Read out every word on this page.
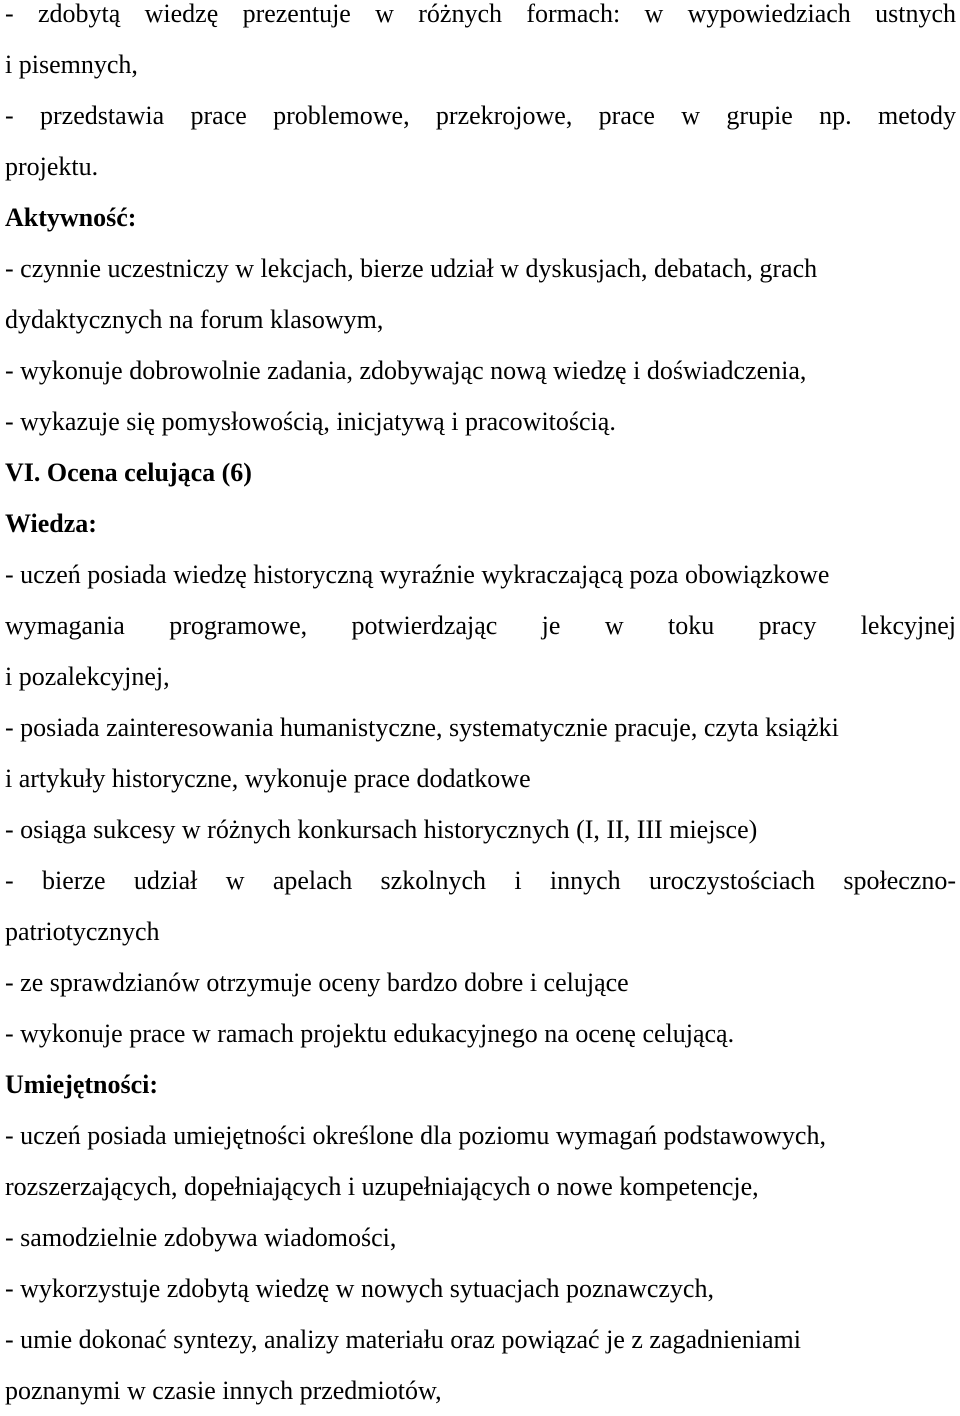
- zdobytą wiedzę prezentuje w różnych formach: w wypowiedziach ustnych
i pisemnych,
- przedstawia prace problemowe, przekrojowe, prace w grupie np. metody
projektu.
Aktywność:
- czynnie uczestniczy w lekcjach, bierze udział w dyskusjach, debatach, grach
dydaktycznych na forum klasowym,
- wykonuje dobrowolnie zadania, zdobywając nową wiedzę i doświadczenia,
- wykazuje się pomysłowością, inicjatywą i pracowitością.
VI. Ocena celująca (6)
Wiedza:
- uczeń posiada wiedzę historyczną wyraźnie wykraczającą poza obowiązkowe
wymagania programowe, potwierdzając je w toku pracy lekcyjnej
i pozalekcyjnej,
- posiada zainteresowania humanistyczne, systematycznie pracuje, czyta książki
i artykuły historyczne, wykonuje prace dodatkowe
- osiąga sukcesy w różnych konkursach historycznych (I, II, III miejsce)
- bierze udział w apelach szkolnych i innych uroczystościach społeczno-
patriotycznych
- ze sprawdzianów otrzymuje oceny bardzo dobre i celujące
- wykonuje prace w ramach projektu edukacyjnego na ocenę celującą.
Umiejętności:
- uczeń posiada umiejętności określone dla poziomu wymagań podstawowych,
rozszerzających, dopełniających i uzupełniających o nowe kompetencje,
- samodzielnie zdobywa wiadomości,
- wykorzystuje zdobytą wiedzę w nowych sytuacjach poznawczych,
- umie dokonać syntezy, analizy materiału oraz powiązać je z zagadnieniami
poznanymi w czasie innych przedmiotów,
